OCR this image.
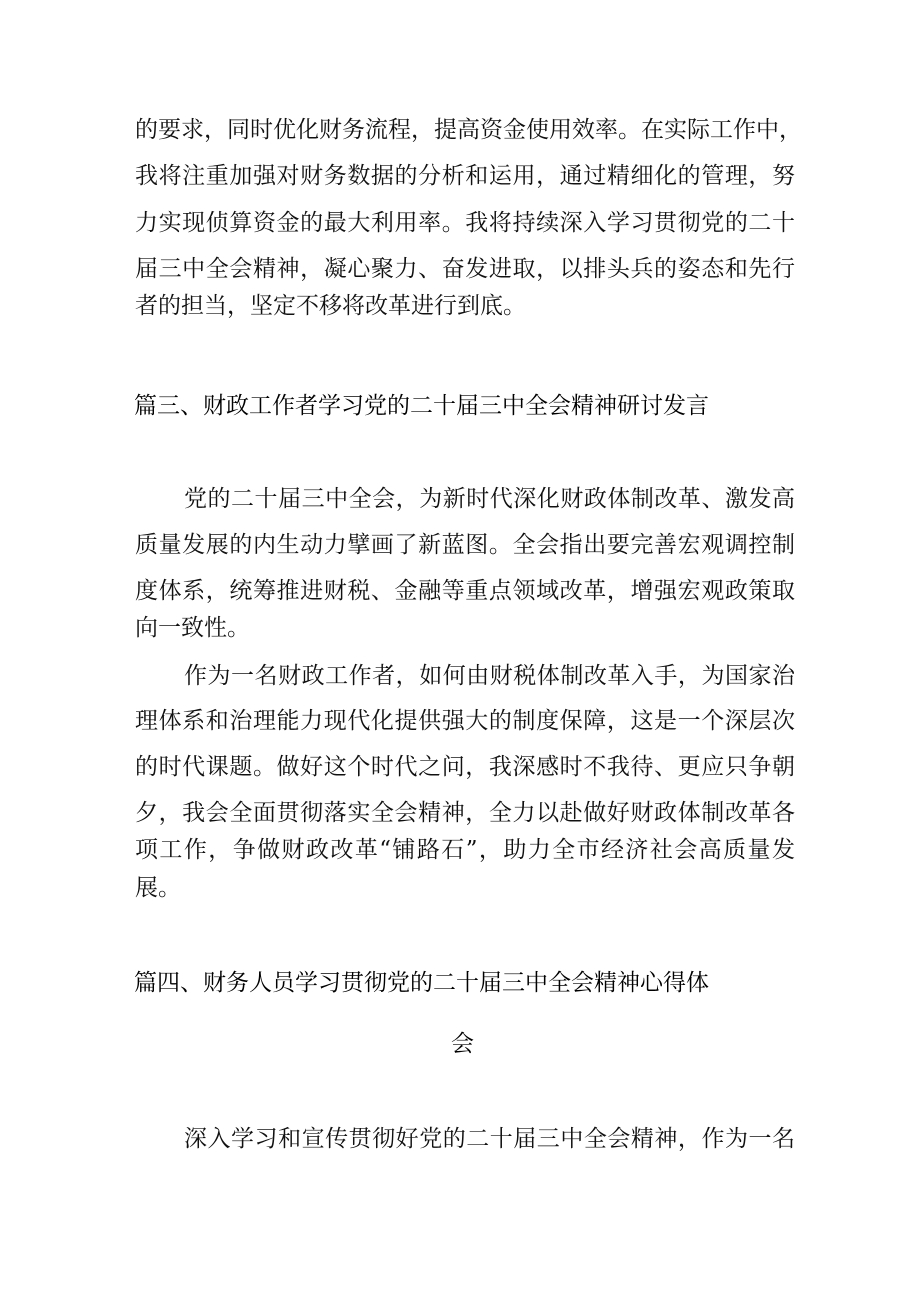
的要求，同时优化财务流程，提高资金使用效率。在实际工作中，

我将注重加强对财务数据的分析和运用，通过精细化的管理，努

力实现侦算资金的最大利用率。我将持续深入学习贯彻党的二十

届三中全会精神，凝心聚力、奋发进取，以排头兵的姿态和先行

者的担当，坚定不移将改革进行到底。

篇三、财政工作者学习党的二十届三中全会精神研讨发言

党的二十届三中全会，为新时代深化财政体制改革、激发高

质量发展的内生动力擘画了新蓝图。全会指出要完善宏观调控制

度体系，统筹推进财税、金融等重点领域改革，增强宏观政策取

向一致性。

作为一名财政工作者，如何由财税体制改革入手，为国家治

理体系和治理能力现代化提供强大的制度保障，这是一个深层次

的时代课题。做好这个时代之问，我深感时不我待、更应只争朝

夕，我会全面贯彻落实全会精神，全力以赴做好财政体制改革各

项工作，争做财政改革“铺路石”，助力全市经济社会高质量发

展。

篇四、财务人员学习贯彻党的二十届三中全会精神心得体
会

深入学习和宣传贯彻好党的二十届三中全会精神，作为一名
